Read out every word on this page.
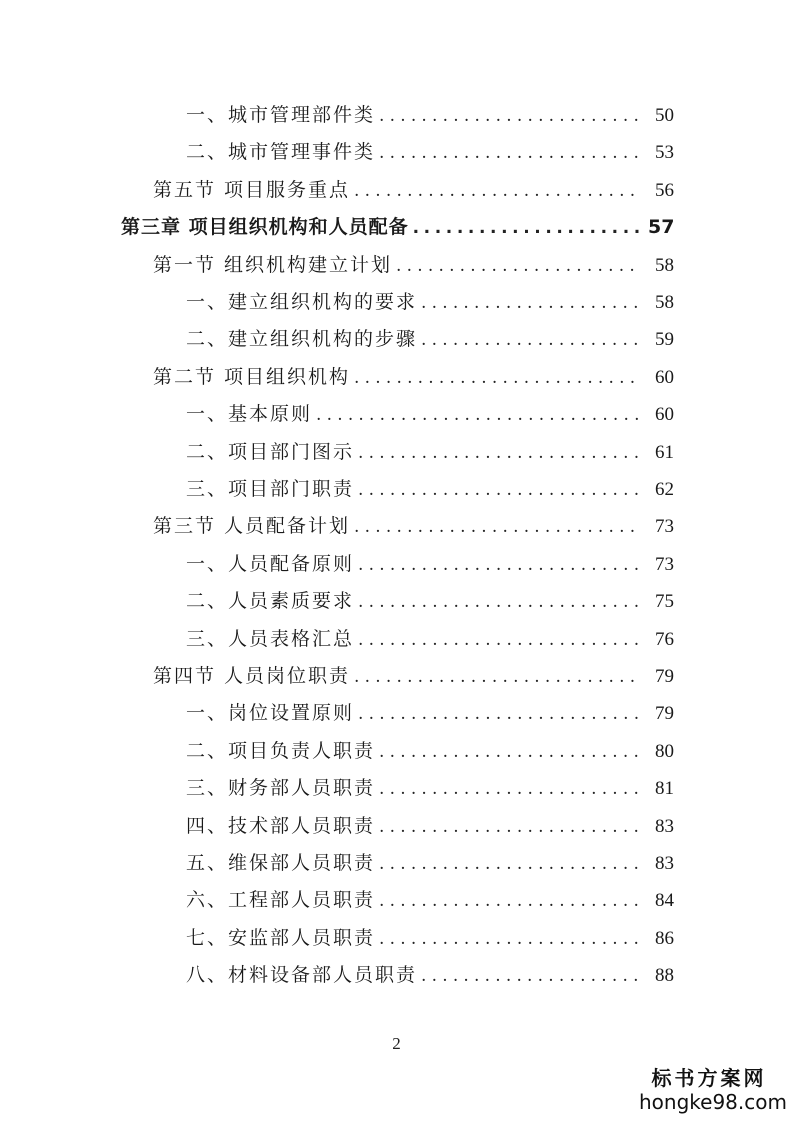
一、城市管理部件类 .....	50
二、城市管理事件类 .....	53
第五节 项目服务重点 .....	56
第三章 项目组织机构和人员配备 .....	57
第一节 组织机构建立计划 .....	58
一、建立组织机构的要求 .....	58
二、建立组织机构的步骤 .....	59
第二节 项目组织机构 .....	60
一、基本原则 .....	60
二、项目部门图示 .....	61
三、项目部门职责 .....	62
第三节 人员配备计划 .....	73
一、人员配备原则 .....	73
二、人员素质要求 .....	75
三、人员表格汇总 .....	76
第四节 人员岗位职责 .....	79
一、岗位设置原则 .....	79
二、项目负责人职责 .....	80
三、财务部人员职责 .....	81
四、技术部人员职责 .....	83
五、维保部人员职责 .....	83
六、工程部人员职责 .....	84
七、安监部人员职责 .....	86
八、材料设备部人员职责 .....	88
2
标书方案网
hongke98.com
